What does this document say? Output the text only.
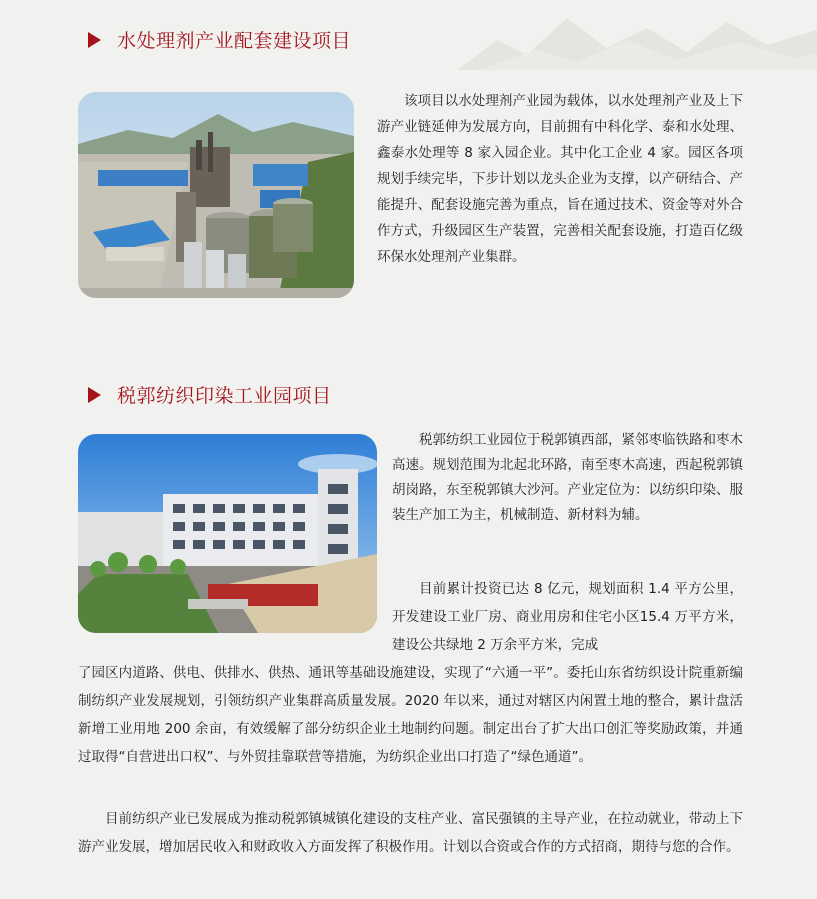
水处理剂产业配套建设项目

该项目以水处理剂产业园为载体，以水处理剂产业及上下游产业链延伸为发展方向，目前拥有中科化学、泰和水处理、鑫泰水处理等 8 家入园企业。其中化工企业 4 家。园区各项规划手续完毕，下步计划以龙头企业为支撑，以产研结合、产能提升、配套设施完善为重点，旨在通过技术、资金等对外合作方式，升级园区生产装置，完善相关配套设施，打造百亿级环保水处理剂产业集群。

税郭纺织印染工业园项目

税郭纺织工业园位于税郭镇西部，紧邻枣临铁路和枣木高速。规划范围为北起北环路，南至枣木高速，西起税郭镇胡岗路，东至税郭镇大沙河。产业定位为：以纺织印染、服装生产加工为主，机械制造、新材料为辅。

目前累计投资已达 8 亿元，规划面积 1.4 平方公里，开发建设工业厂房、商业用房和住宅小区15.4 万平方米，建设公共绿地 2 万余平方米，完成

了园区内道路、供电、供排水、供热、通讯等基础设施建设，实现了“六通一平”。委托山东省纺织设计院重新编制纺织产业发展规划，引领纺织产业集群高质量发展。2020 年以来，通过对辖区内闲置土地的整合，累计盘活新增工业用地 200 余亩，有效缓解了部分纺织企业土地制约问题。制定出台了扩大出口创汇等奖励政策，并通过取得“自营进出口权”、与外贸挂靠联营等措施，为纺织企业出口打造了“绿色通道”。

目前纺织产业已发展成为推动税郭镇城镇化建设的支柱产业、富民强镇的主导产业，在拉动就业，带动上下游产业发展，增加居民收入和财政收入方面发挥了积极作用。计划以合资或合作的方式招商，期待与您的合作。
